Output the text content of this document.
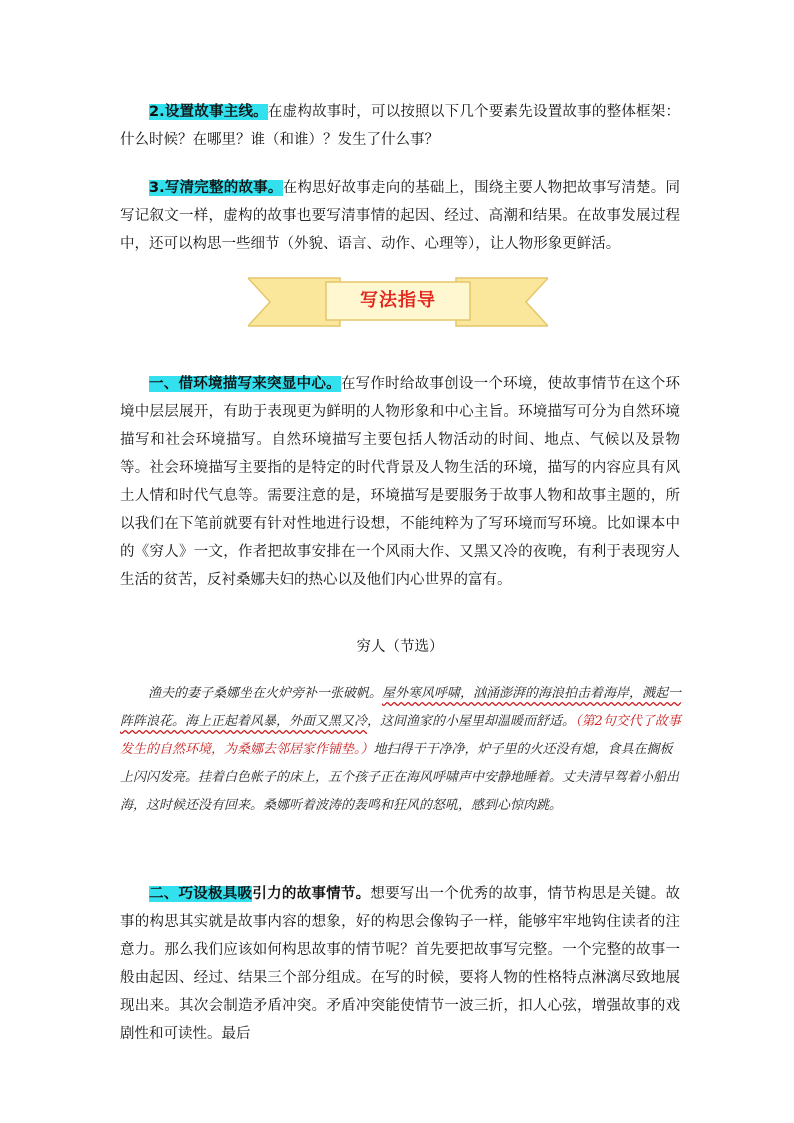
2.设置故事主线。在虚构故事时，可以按照以下几个要素先设置故事的整体框架：什么时候？在哪里？谁（和谁）？发生了什么事？

3.写清完整的故事。在构思好故事走向的基础上，围绕主要人物把故事写清楚。同写记叙文一样，虚构的故事也要写清事情的起因、经过、高潮和结果。在故事发展过程中，还可以构思一些细节（外貌、语言、动作、心理等），让人物形象更鲜活。

写法指导

一、借环境描写来突显中心。在写作时给故事创设一个环境，使故事情节在这个环境中层层展开，有助于表现更为鲜明的人物形象和中心主旨。环境描写可分为自然环境描写和社会环境描写。自然环境描写主要包括人物活动的时间、地点、气候以及景物等。社会环境描写主要指的是特定的时代背景及人物生活的环境，描写的内容应具有风土人情和时代气息等。需要注意的是，环境描写是要服务于故事人物和故事主题的，所以我们在下笔前就要有针对性地进行设想，不能纯粹为了写环境而写环境。比如课本中的《穷人》一文，作者把故事安排在一个风雨大作、又黑又冷的夜晚，有利于表现穷人生活的贫苦，反衬桑娜夫妇的热心以及他们内心世界的富有。

穷人（节选）

渔夫的妻子桑娜坐在火炉旁补一张破帆。屋外寒风呼啸，汹涌澎湃的海浪拍击着海岸，溅起一阵阵浪花。海上正起着风暴，外面又黑又冷，这间渔家的小屋里却温暖而舒适。（第2句交代了故事发生的自然环境，为桑娜去邻居家作铺垫。）地扫得干干净净，炉子里的火还没有熄，食具在搁板上闪闪发亮。挂着白色帐子的床上，五个孩子正在海风呼啸声中安静地睡着。丈夫清早驾着小船出海，这时候还没有回来。桑娜听着波涛的轰鸣和狂风的怒吼，感到心惊肉跳。

二、巧设极具吸引力的故事情节。想要写出一个优秀的故事，情节构思是关键。故事的构思其实就是故事内容的想象，好的构思会像钩子一样，能够牢牢地钩住读者的注意力。那么我们应该如何构思故事的情节呢？首先要把故事写完整。一个完整的故事一般由起因、经过、结果三个部分组成。在写的时候，要将人物的性格特点淋漓尽致地展现出来。其次会制造矛盾冲突。矛盾冲突能使情节一波三折，扣人心弦，增强故事的戏剧性和可读性。最后
